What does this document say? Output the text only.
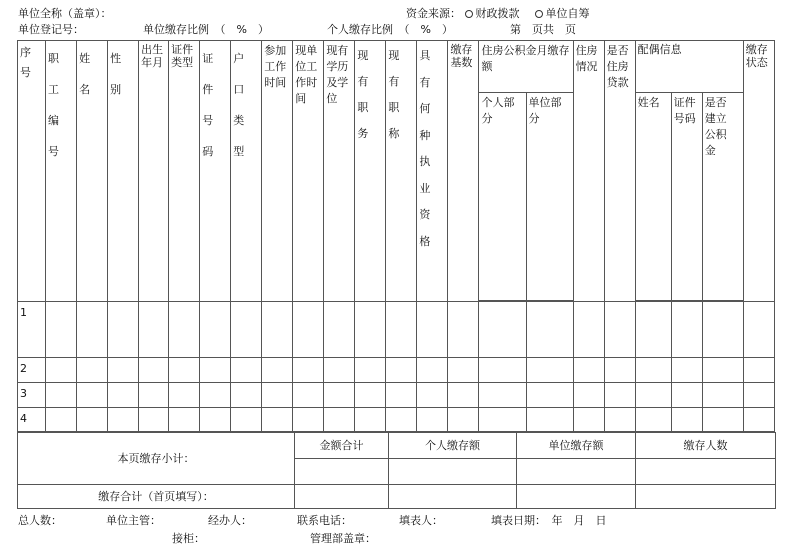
单位全称（盖章）：	资金来源： 财政拨款 单位自筹
单位登记号：	单位缴存比例　（　%　）	个人缴存比例　（　%　）	第　页共　页
序号	职工编号	姓名	性别	出生年月	证件类型	证件号码	户口类型	参加工作时间	现单位工作时间	现有学历及学位	现有职务	现有职称	具有何种执业资格	缴存基数	住房公积金月缴存额		住房情况	是否住房贷款	配偶信息			缴存状态

															个人部分	单位部分			姓名	证件号码	是否建立公积金	

1																						

2																						

3																						

4																						

本页缴存小计：	金额合计	个人缴存额	单位缴存额	缴存人数

缴存合计（首页填写）：				
总人数：	单位主管：	经办人：	联系电话：	填表人：	填表日期：　年　月　日
接柜：	管理部盖章：
